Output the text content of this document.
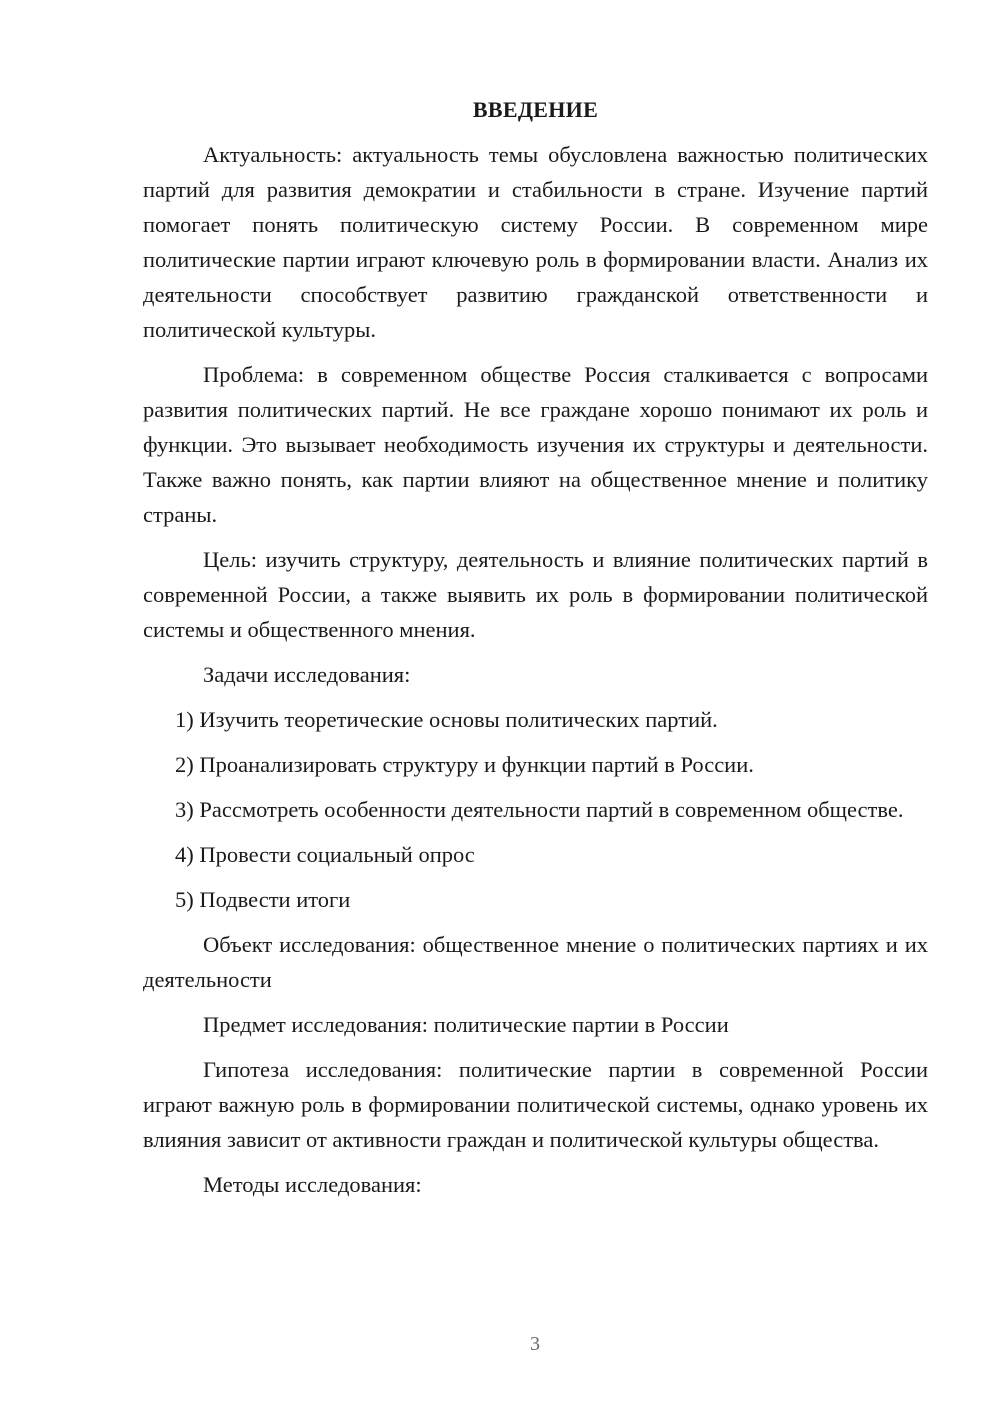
ВВЕДЕНИЕ

Актуальность: актуальность темы обусловлена важностью политических партий для развития демократии и стабильности в стране. Изучение партий помогает понять политическую систему России. В современном мире политические партии играют ключевую роль в формировании власти. Анализ их деятельности способствует развитию гражданской ответственности и политической культуры.

Проблема: в современном обществе Россия сталкивается с вопросами развития политических партий. Не все граждане хорошо понимают их роль и функции. Это вызывает необходимость изучения их структуры и деятельности. Также важно понять, как партии влияют на общественное мнение и политику страны.

Цель: изучить структуру, деятельность и влияние политических партий в современной России, а также выявить их роль в формировании политической системы и общественного мнения.

Задачи исследования:

1) Изучить теоретические основы политических партий.

2) Проанализировать структуру и функции партий в России.

3) Рассмотреть особенности деятельности партий в современном обществе.

4) Провести социальный опрос

5) Подвести итоги

Объект исследования: общественное мнение о политических партиях и их деятельности

Предмет исследования: политические партии в России

Гипотеза исследования: политические партии в современной России играют важную роль в формировании политической системы, однако уровень их влияния зависит от активности граждан и политической культуры общества.

Методы исследования:

3
